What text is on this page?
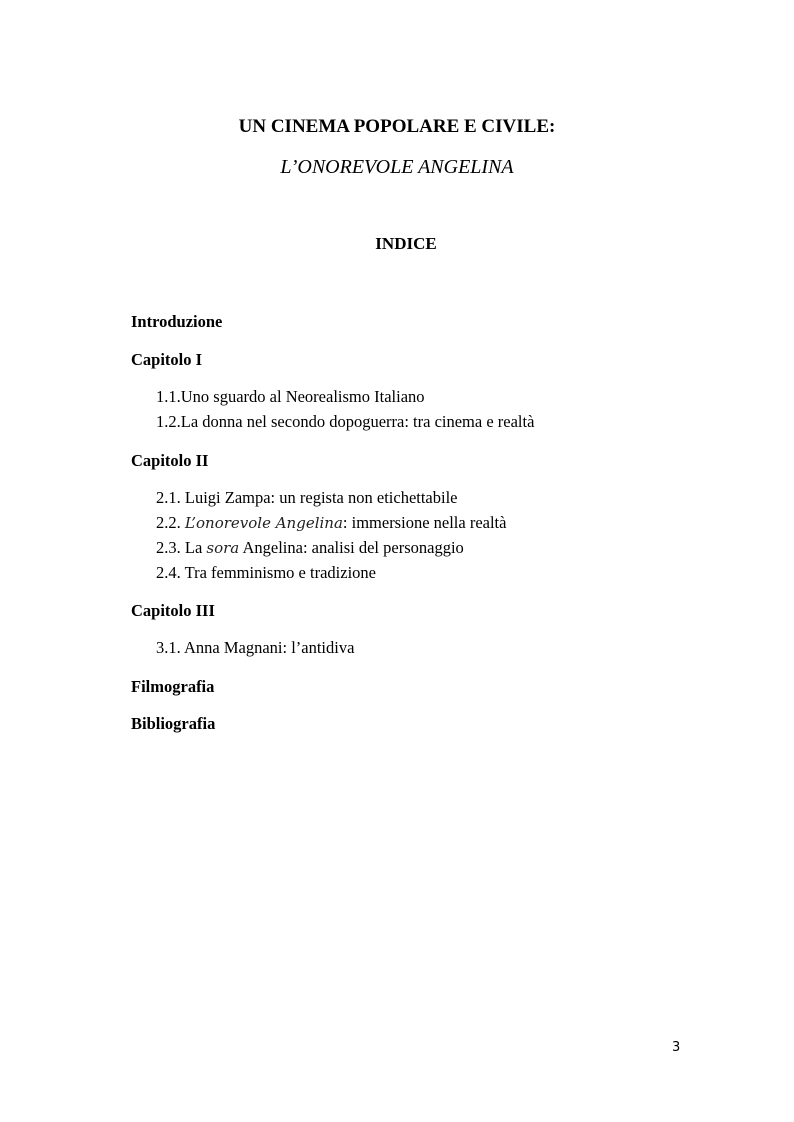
UN CINEMA POPOLARE E CIVILE:
L’ONOREVOLE ANGELINA
INDICE
Introduzione
Capitolo I
1.1.Uno sguardo al Neorealismo Italiano
1.2.La donna nel secondo dopoguerra: tra cinema e realtà
Capitolo II
2.1. Luigi Zampa: un regista non etichettabile
2.2. L’onorevole Angelina: immersione nella realtà
2.3. La sora Angelina: analisi del personaggio
2.4. Tra femminismo e tradizione
Capitolo III
3.1. Anna Magnani: l’antidiva
Filmografia
Bibliografia
3
